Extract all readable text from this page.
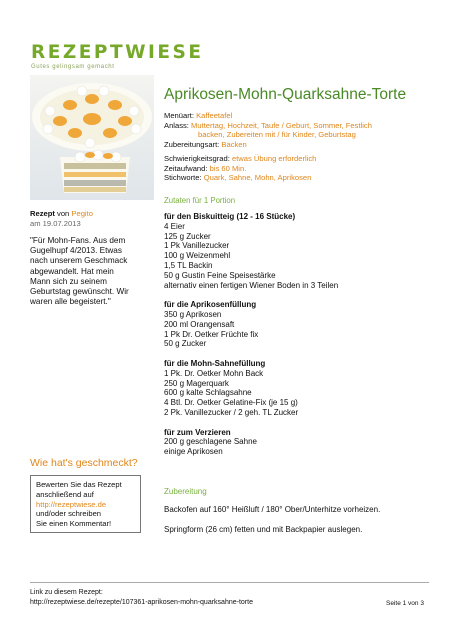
REZEPTWIESE
Gutes gelingsam gemacht
Aprikosen-Mohn-Quarksahne-Torte
Menüart: Kaffeetafel
Anlass: Muttertag, Hochzeit, Taufe / Geburt, Sommer, Festlich
backen, Zubereiten mit / für Kinder, Geburtstag
Zubereitungsart: Backen
Schwierigkeitsgrad: etwas Übung erforderlich
Zeitaufwand: bis 60 Min.
Stichworte: Quark, Sahne, Mohn, Aprikosen
Zutaten für 1 Portion
Rezept von Pegito
am 19.07.2013
"Für Mohn-Fans. Aus dem Gugelhupf 4/2013. Etwas nach unserem Geschmack abgewandelt. Hat mein Mann sich zu seinem Geburtstag gewünscht. Wir waren alle begeistert."
Wie hat's geschmeckt?
Bewerten Sie das Rezept
anschließend auf
http://rezeptwiese.de
und/oder schreiben
Sie einen Kommentar!
für den Biskuitteig (12 - 16 Stücke)
4 Eier
125 g Zucker
1 Pk Vanillezucker
100 g Weizenmehl
1,5 TL Backin
50 g Gustin Feine Speisestärke
alternativ einen fertigen Wiener Boden in 3 Teilen
für die Aprikosenfüllung
350 g Aprikosen
200 ml Orangensaft
1 Pk Dr. Oetker Früchte fix
50 g Zucker
für die Mohn-Sahnefüllung
1 Pk. Dr. Oetker Mohn Back
250 g Magerquark
600 g kalte Schlagsahne
4 Btl. Dr. Oetker Gelatine-Fix (je 15 g)
2 Pk. Vanillezucker / 2 geh. TL Zucker
für zum Verzieren
200 g geschlagene Sahne
einige Aprikosen
Zubereitung

Backofen auf 160° Heißluft / 180° Ober/Unterhitze vorheizen.

Springform (26 cm) fetten und mit Backpapier auslegen.

Link zu diesem Rezept:
http://rezeptwiese.de/rezepte/107361-aprikosen-mohn-quarksahne-torte	Seite 1 von 3
